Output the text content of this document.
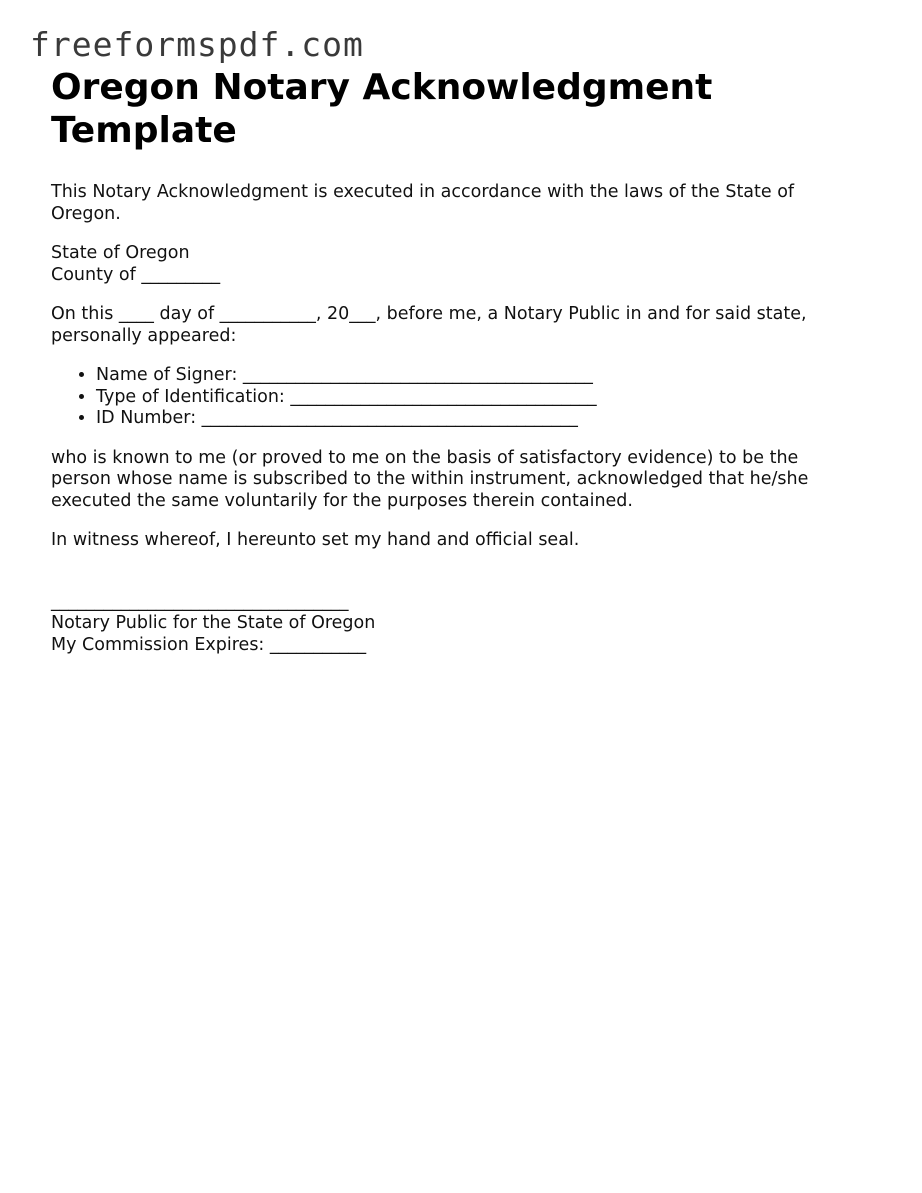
freeformspdf.com
Oregon Notary Acknowledgment
Template

This Notary Acknowledgment is executed in accordance with the laws of the State of Oregon.

State of Oregon
County of _________

On this ____ day of ___________, 20___, before me, a Notary Public in and for said state, personally appeared:

• Name of Signer: ________________________________________
• Type of Identification: ___________________________________
• ID Number: ___________________________________________

who is known to me (or proved to me on the basis of satisfactory evidence) to be the person whose name is subscribed to the within instrument, acknowledged that he/she executed the same voluntarily for the purposes therein contained.

In witness whereof, I hereunto set my hand and official seal.

__________________________________
Notary Public for the State of Oregon
My Commission Expires: ___________
